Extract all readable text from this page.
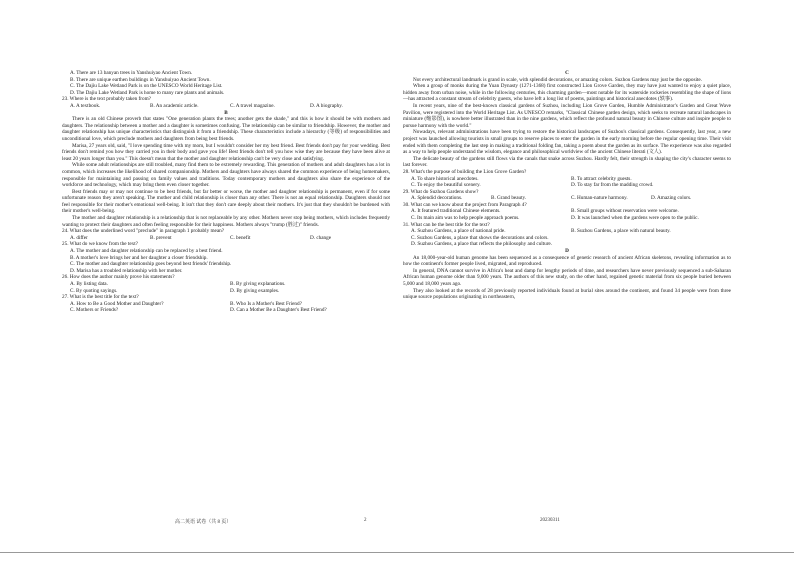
A. There are 13 banyan trees in Yanshuiyao Ancient Town.

B. There are unique earthen buildings in Yanshuiyao Ancient Town.

C. The Dajiu Lake Wetland Park is on the UNESCO World Heritage List.

D. The Dajiu Lake Wetland Park is home to many rare plants and animals.

23. Where is the text probably taken from?

A. A textbook.	B. An academic article.	C. A travel magazine.	D. A biography.

B

There is an old Chinese proverb that states "One generation plants the trees; another gets the shade," and this is how it should be with mothers and daughters. The relationship between a mother and a daughter is sometimes confusing. The relationship can be similar to friendship. However, the mother and daughter relationship has unique characteristics that distinguish it from a friendship. These characteristics include a hierarchy (等级) of responsibilities and unconditional love, which preclude mothers and daughters from being best friends.

Marisa, 27 years old, said, "I love spending time with my mom, but I wouldn't consider her my best friend. Best friends don't pay for your wedding. Best friends don't remind you how they carried you in their body and gave you life! Best friends don't tell you how wise they are because they have been alive at least 20 years longer than you." This doesn't mean that the mother and daughter relationship can't be very close and satisfying.

While some adult relationships are still troubled, many find them to be extremely rewarding. This generation of mothers and adult daughters has a lot in common, which increases the likelihood of shared companionship. Mothers and daughters have always shared the common experience of being homemakers, responsible for maintaining and passing on family values and traditions. Today contemporary mothers and daughters also share the experience of the workforce and technology, which may bring them even closer together.

Best friends may or may not continue to be best friends, but far better or worse, the mother and daughter relationship is permanent, even if for some unfortunate reason they aren't speaking. The mother and child relationship is closer than any other. There is not an equal relationship. Daughters should not feel responsible for their mother's emotional well-being. It isn't that they don't care deeply about their mothers. It's just that they shouldn't be burdened with their mother's well-being.

The mother and daughter relationship is a relationship that is not replaceable by any other. Mothers never stop being mothers, which includes frequently wanting to protect their daughters and often feeling responsible for their happiness. Mothers always "trump (胜过)" friends.

24. What does the underlined word "preclude" in paragraph 1 probably mean?

A. differ	B. prevent	C. benefit	D. change

25. What do we know from the text?

A. The mother and daughter relationship can be replaced by a best friend.

B. A mother's love brings her and her daughter a closer friendship.

C. The mother and daughter relationship goes beyond best friends' friendship.

D. Marisa has a troubled relationship with her mother.

26. How does the author mainly prove his statements?

A. By listing data.	B. By giving explanations.
C. By quoting sayings.	D. By giving examples.

27. What is the best title for the text?

A. How to Be a Good Mother and Daughter?	B. Who Is a Mother's Best Friend?
C. Mothers or Friends?	D. Can a Mother Be a Daughter's Best Friend?

C

Not every architectural landmark is grand in scale, with splendid decorations, or amazing colors. Suzhou Gardens may just be the opposite.

When a group of monks during the Yuan Dynasty (1271-1368) first constructed Lion Grove Garden, they may have just wanted to enjoy a quiet place, hidden away from urban noise, while in the following centuries, this charming garden—most notable for its waterside rockeries resembling the shape of lions—has attracted a constant stream of celebrity guests, who have left a long list of poems, paintings and historical anecdotes (轶事).

In recent years, nine of the best-known classical gardens of Suzhou, including Lion Grove Garden, Humble Administrator's Garden and Great Wave Pavilion, were registered into the World Heritage List. As UNESCO remarks, "Classical Chinese garden design, which seeks to recreate natural landscapes in miniature (缩影图), is nowhere better illustrated than in the nine gardens, which reflect the profound natural beauty in Chinese culture and inspire people to pursue harmony with the world."

Nowadays, relevant administrations have been trying to restore the historical landscapes of Suzhou's classical gardens. Consequently, last year, a new project was launched allowing tourists in small groups to reserve places to enter the garden in the early morning before the regular opening time. Their visit ended with them completing the last step in making a traditional folding fan, taking a poem about the garden as its surface. The experience was also regarded as a way to help people understand the wisdom, elegance and philosophical worldview of the ancient Chinese literati (文人).

The delicate beauty of the gardens still flows via the canals that snake across Suzhou. Hardly felt, their strength in shaping the city's character seems to last forever.

28. What's the purpose of building the Lion Grove Garden?

A. To share historical anecdotes.	B. To attract celebrity guests.
C. To enjoy the beautiful scenery.	D. To stay far from the madding crowd.

29. What do Suzhou Gardens show?

A. Splendid decorations.	B. Grand beauty.	C. Human-nature harmony.	D. Amazing colors.

30. What can we know about the project from Paragraph 4?

A. It featured traditional Chinese elements.	B. Small groups without reservation were welcome.
C. Its main aim was to help people approach poems.	D. It was launched when the gardens were open to the public.

31. What can be the best title for the text?

A. Suzhou Gardens, a place of national pride.	B. Suzhou Gardens, a place with natural beauty.

C. Suzhou Gardens, a place that shows the decorations and colors.

D. Suzhou Gardens, a place that reflects the philosophy and culture.

D

An 18,000-year-old human genome has been sequenced as a consequence of genetic research of ancient African skeletons, revealing information as to how the continent's former people lived, migrated, and reproduced.

In general, DNA cannot survive in Africa's heat and damp for lengthy periods of time, and researchers have never previously sequenced a sub-Saharan African human genome older than 9,000 years. The authors of this new study, on the other hand, regained genetic material from six people buried between 5,000 and 18,000 years ago.

They also looked at the records of 28 previously reported individuals found at burial sites around the continent, and found 34 people were from three unique source populations originating in northeastern,

高二英语 试卷（共 8 页）	2	20230311
